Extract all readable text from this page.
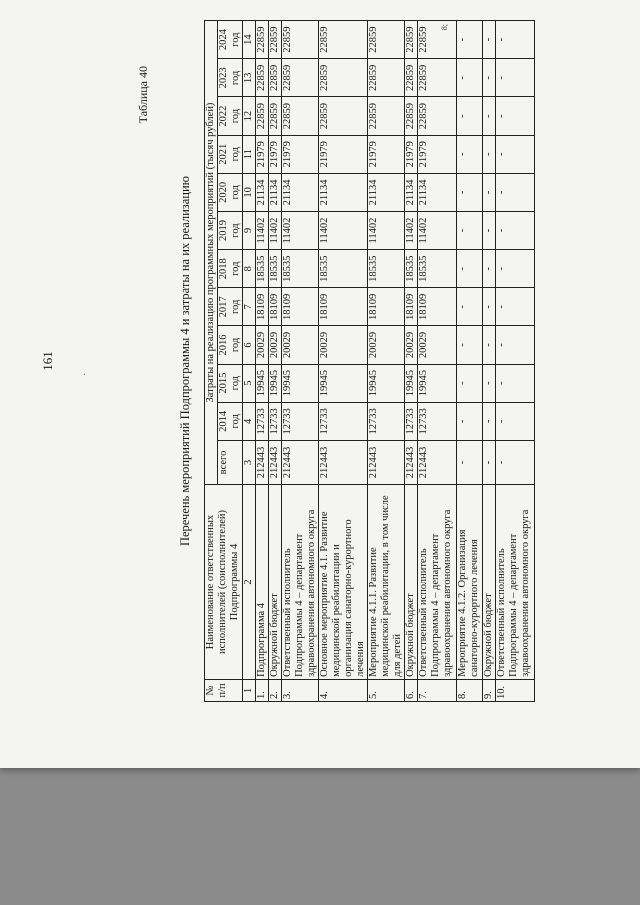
161
·
Таблица 40
Перечень мероприятий Подпрограммы 4 и затраты на их реализацию
8;
№ п/п	Наименование ответственных исполнителей (соисполнителей) Подпрограммы 4	Затраты на реализацию программных мероприятий (тысяч рублей)											
		всего	2014 год	2015 год	2016 год	2017 год	2018 год	2019 год	2020 год	2021 год	2022 год	2023 год	2024 год
1	2	3	4	5	6	7	8	9	10	11	12	13	14
1.	Подпрограмма 4	212443	12733	19945	20029	18109	18535	11402	21134	21979	22859	22859	22859
2.	Окружной бюджет	212443	12733	19945	20029	18109	18535	11402	21134	21979	22859	22859	22859
3.	Ответственный исполнитель Подпрограммы 4 – департамент здравоохранения автономного округа	212443	12733	19945	20029	18109	18535	11402	21134	21979	22859	22859	22859
4.	Основное мероприятие 4.1. Развитие медицинской реабилитации и организация санаторно-курортного лечения	212443	12733	19945	20029	18109	18535	11402	21134	21979	22859	22859	22859
5.	Мероприятие 4.1.1. Развитие медицинской реабилитации, в том числе для детей	212443	12733	19945	20029	18109	18535	11402	21134	21979	22859	22859	22859
6.	Окружной бюджет	212443	12733	19945	20029	18109	18535	11402	21134	21979	22859	22859	22859
7.	Ответственный исполнитель Подпрограммы 4 – департамент здравоохранения автономного округа	212443	12733	19945	20029	18109	18535	11402	21134	21979	22859	22859	22859
8.	Мероприятие 4.1.2. Организация санаторно-курортного лечения	-	-	-	-	-	-	-	-	-	-	-	-
9.	Окружной бюджет	-	-	-	-	-	-	-	-	-	-	-	-
10.	Ответственный исполнитель Подпрограммы 4 – департамент здравоохранения автономного округа	-	-	-	-	-	-	-	-	-	-	-	-
